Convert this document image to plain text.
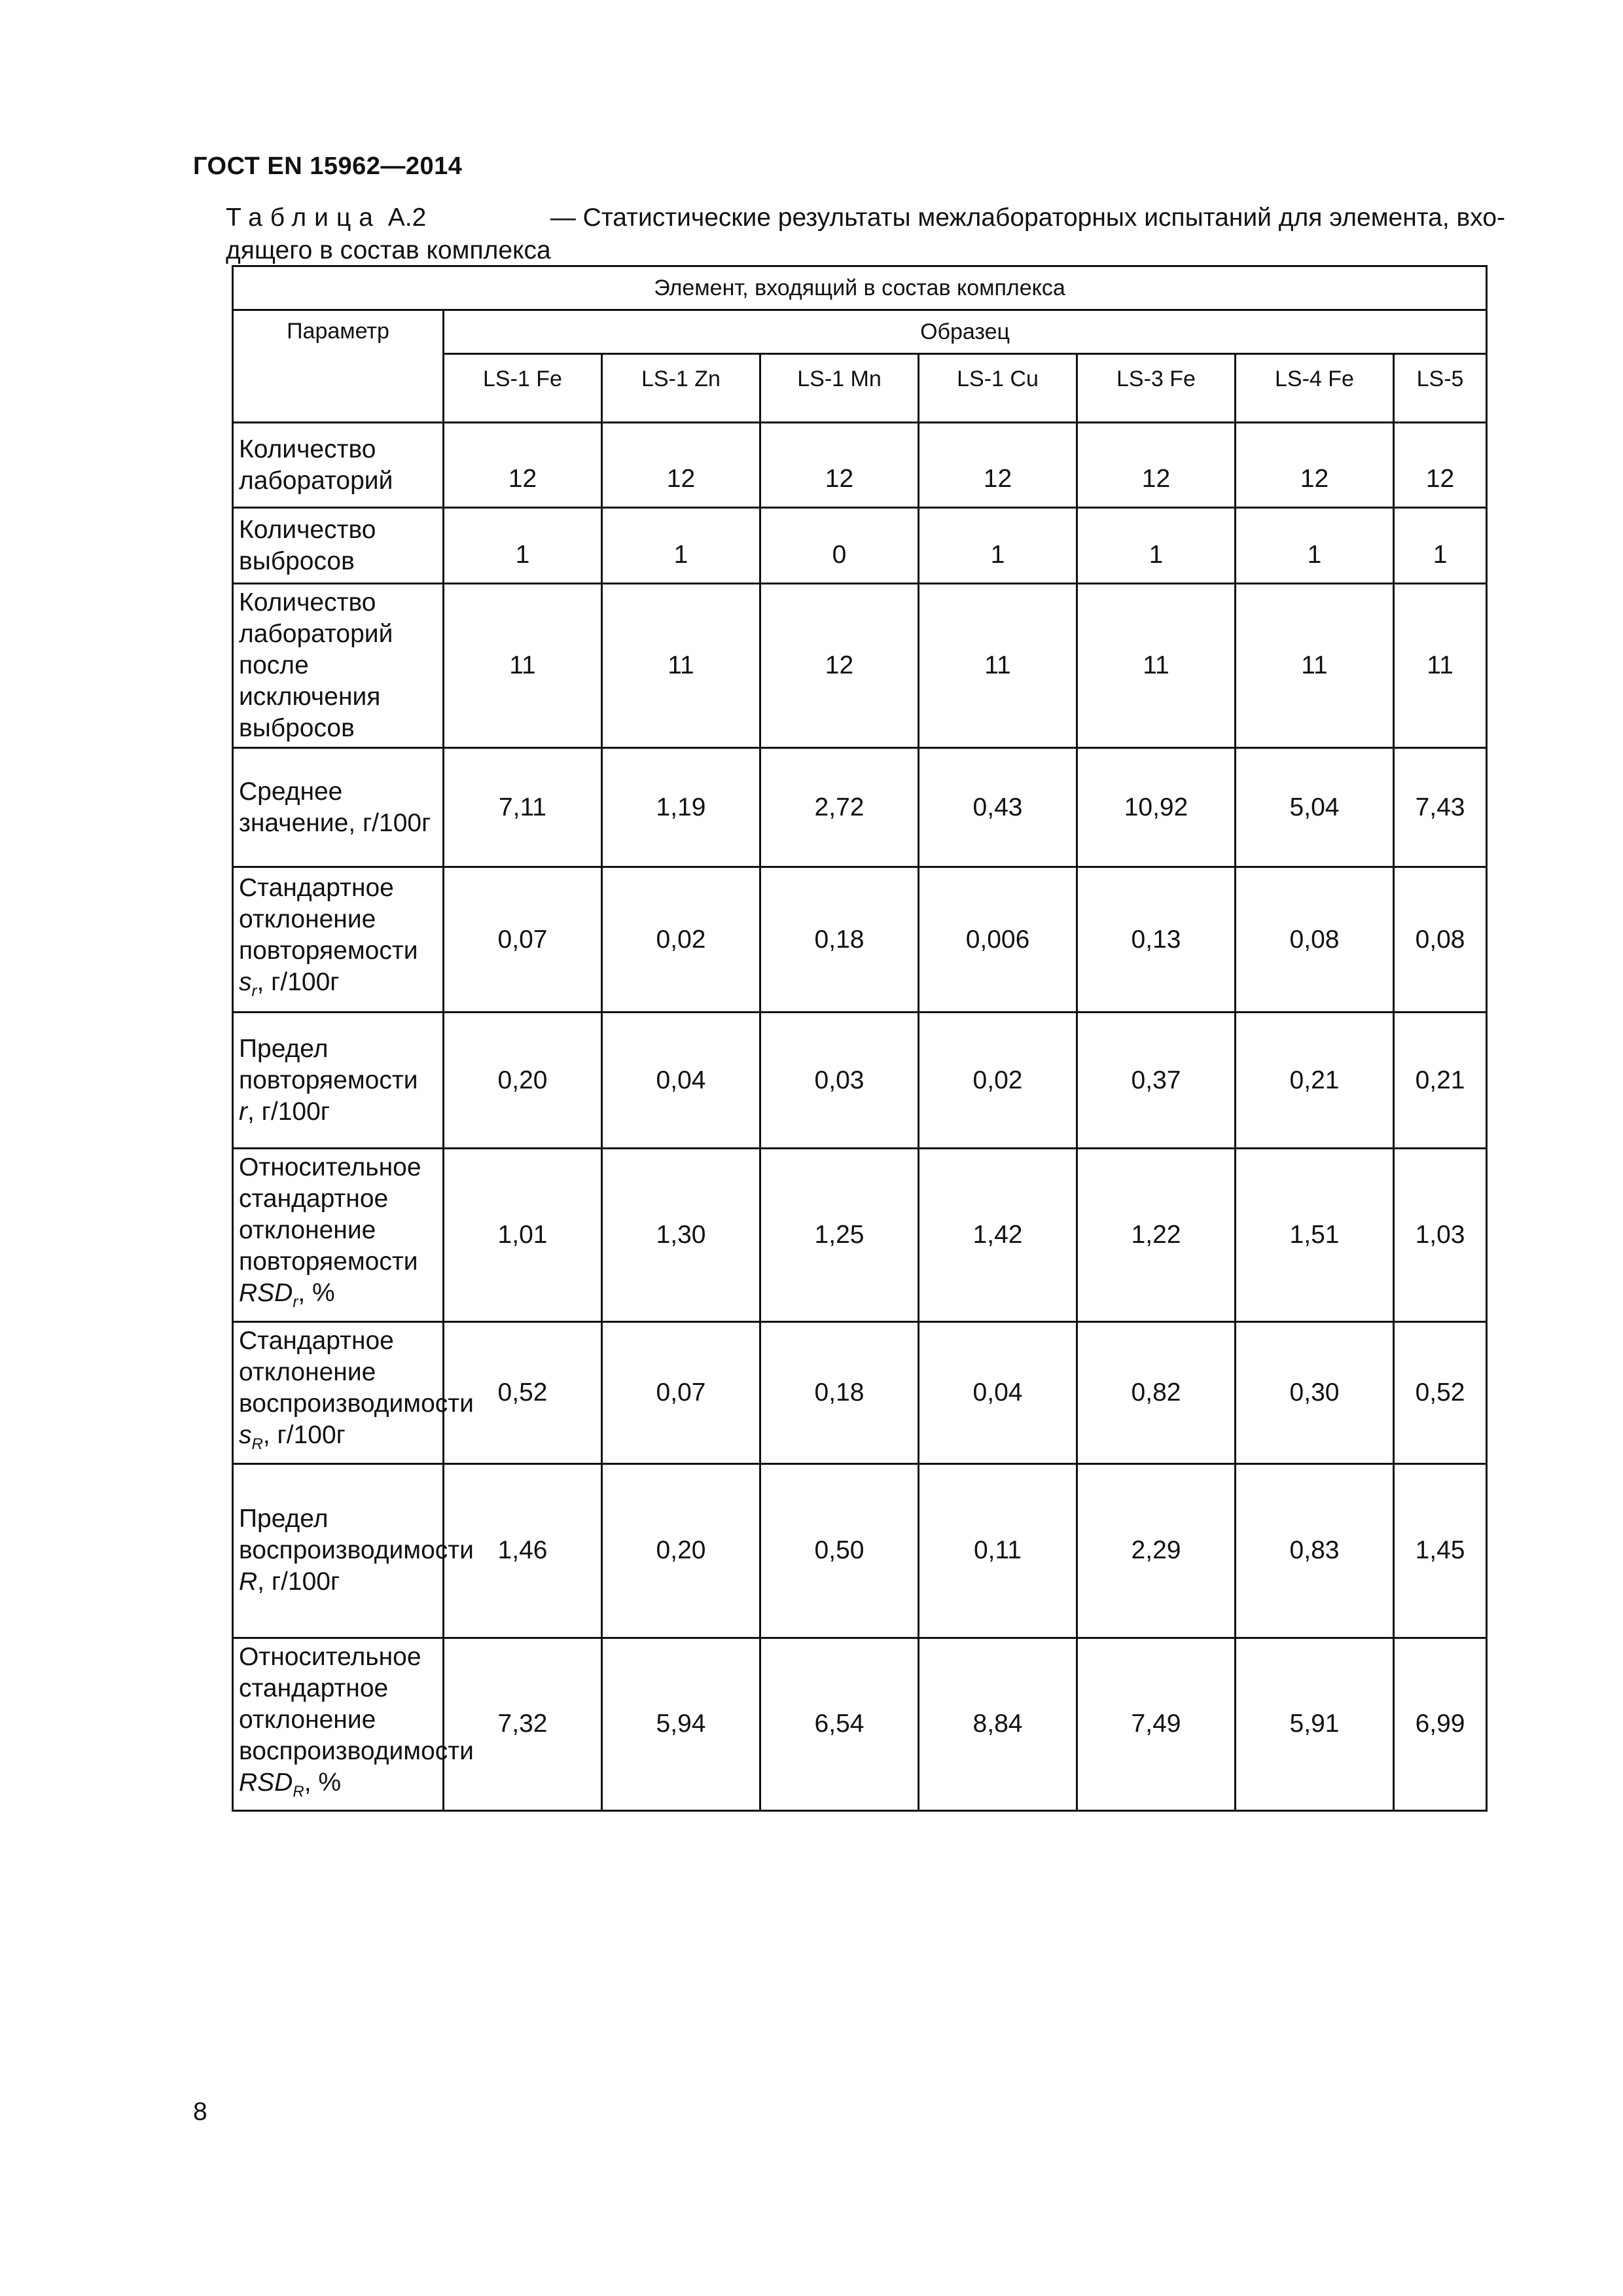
ГОСТ EN 15962—2014
Таблица А.2	— Статистические результаты межлабораторных испытаний для элемента, вхо-
дящего в состав комплекса
Элемент, входящий в состав комплекса							
Параметр	Образец						
	LS-1 Fe	LS-1 Zn	LS-1 Mn	LS-1 Cu	LS-3 Fe	LS-4 Fe	LS-5
Количество лабораторий	12	12	12	12	12	12	12
Количество выбросов	1	1	0	1	1	1	1
Количество лабораторий после исключения выбросов	11	11	12	11	11	11	11
Среднее значение, г/100г	7,11	1,19	2,72	0,43	10,92	5,04	7,43
Стандартное отклонение повторяемости $s_r$, г/100г	0,07	0,02	0,18	0,006	0,13	0,08	0,08
Предел повторяемости r, г/100г	0,20	0,04	0,03	0,02	0,37	0,21	0,21
Относительное стандартное отклонение повторяемости $RSD_r$, %	1,01	1,30	1,25	1,42	1,22	1,51	1,03
Стандартное отклонение воспроизводимости $s_R$, г/100г	0,52	0,07	0,18	0,04	0,82	0,30	0,52
Предел воспроизводимости R, г/100г	1,46	0,20	0,50	0,11	2,29	0,83	1,45
Относительное стандартное отклонение воспроизводимости $RSD_R$, %	7,32	5,94	6,54	8,84	7,49	5,91	6,99
8
